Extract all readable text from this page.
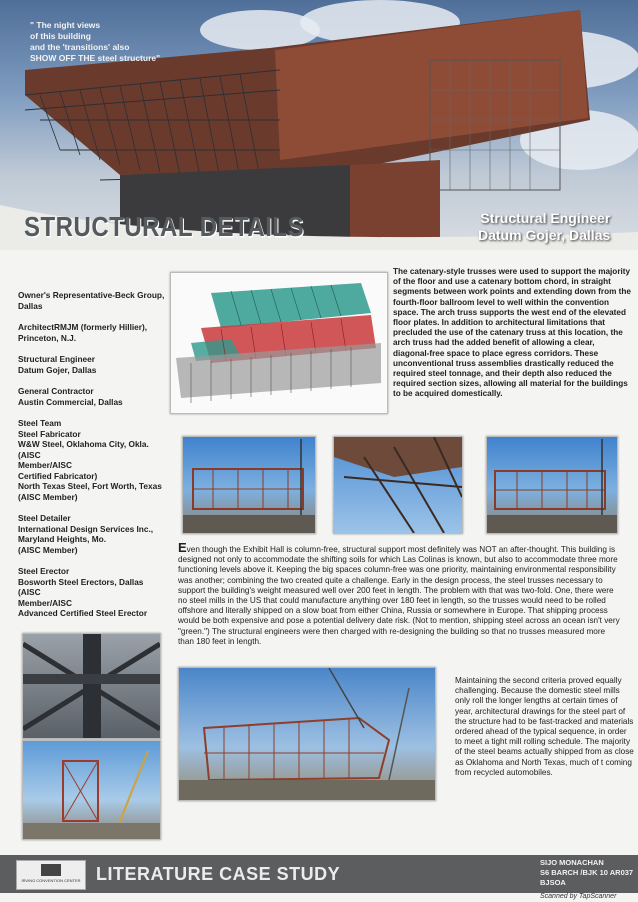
" The night views
of this building
and the 'transitions' also
SHOW OFF THE steel structure"
STRUCTURAL DETAILS	Structural Engineer
Datum Gojer, Dallas
Owner's Representative-Beck Group,
Dallas
ArchitectRMJM (formerly Hillier),
Princeton, N.J.
Structural Engineer
Datum Gojer, Dallas
General Contractor
Austin Commercial, Dallas
Steel Team
Steel Fabricator
W&W Steel, Oklahoma City, Okla. (AISC
Member/AISC
Certified Fabricator)
North Texas Steel, Fort Worth, Texas
(AISC Member)
Steel Detailer
International Design Services Inc.,
Maryland Heights, Mo.
(AISC Member)
Steel Erector
Bosworth Steel Erectors, Dallas (AISC
Member/AISC
Advanced Certified Steel Erector
The catenary-style trusses were used to support the majority of the floor and use a catenary bottom chord, in straight segments between work points and extending down from the fourth-floor ballroom level to well within the convention space. The arch truss supports the west end of the elevated floor plates. In addition to architectural limitations that precluded the use of the catenary truss at this location, the arch truss had the added benefit of allowing a clear, diagonal-free space to place egress corridors. These unconventional truss assemblies drastically reduced the required steel tonnage, and their depth also reduced the required section sizes, allowing all material for the buildings to be acquired domestically.
Even though the Exhibit Hall is column-free, structural support most definitely was NOT an after-thought. This building is designed not only to accommodate the shifting soils for which Las Colinas is known, but also to accommodate three more functioning levels above it. Keeping the big spaces column-free was one priority, maintaining environmental responsibility was another; combining the two created quite a challenge. Early in the design process, the steel trusses necessary to support the building's weight measured well over 200 feet in length. The problem with that was two-fold. One, there were no steel mills in the US that could manufacture anything over 180 feet in length, so the trusses would need to be rolled offshore and literally shipped on a slow boat from either China, Russia or somewhere in Europe. That shipping process would be both expensive and pose a potential delivery date risk. (Not to mention, shipping steel across an ocean isn't very "green.") The structural engineers were then charged with re-designing the building so that no trusses measured more than 180 feet in length.
Maintaining the second criteria proved equally challenging. Because the domestic steel mills only roll the longer lengths at certain times of year, architectural drawings for the steel part of the structure had to be fast-tracked and materials ordered ahead of the typical sequence, in order to meet a tight mill rolling schedule. The majority of the steel beams actually shipped from as close as Oklahoma and North Texas, much of t coming from recycled automobiles.
IRVING CONVENTION CENTER LITERATURE CASE STUDY
SIJO MONACHAN
S6 BARCH /BJK 10 AR037
BJSOA
Scanned by TapScanner
